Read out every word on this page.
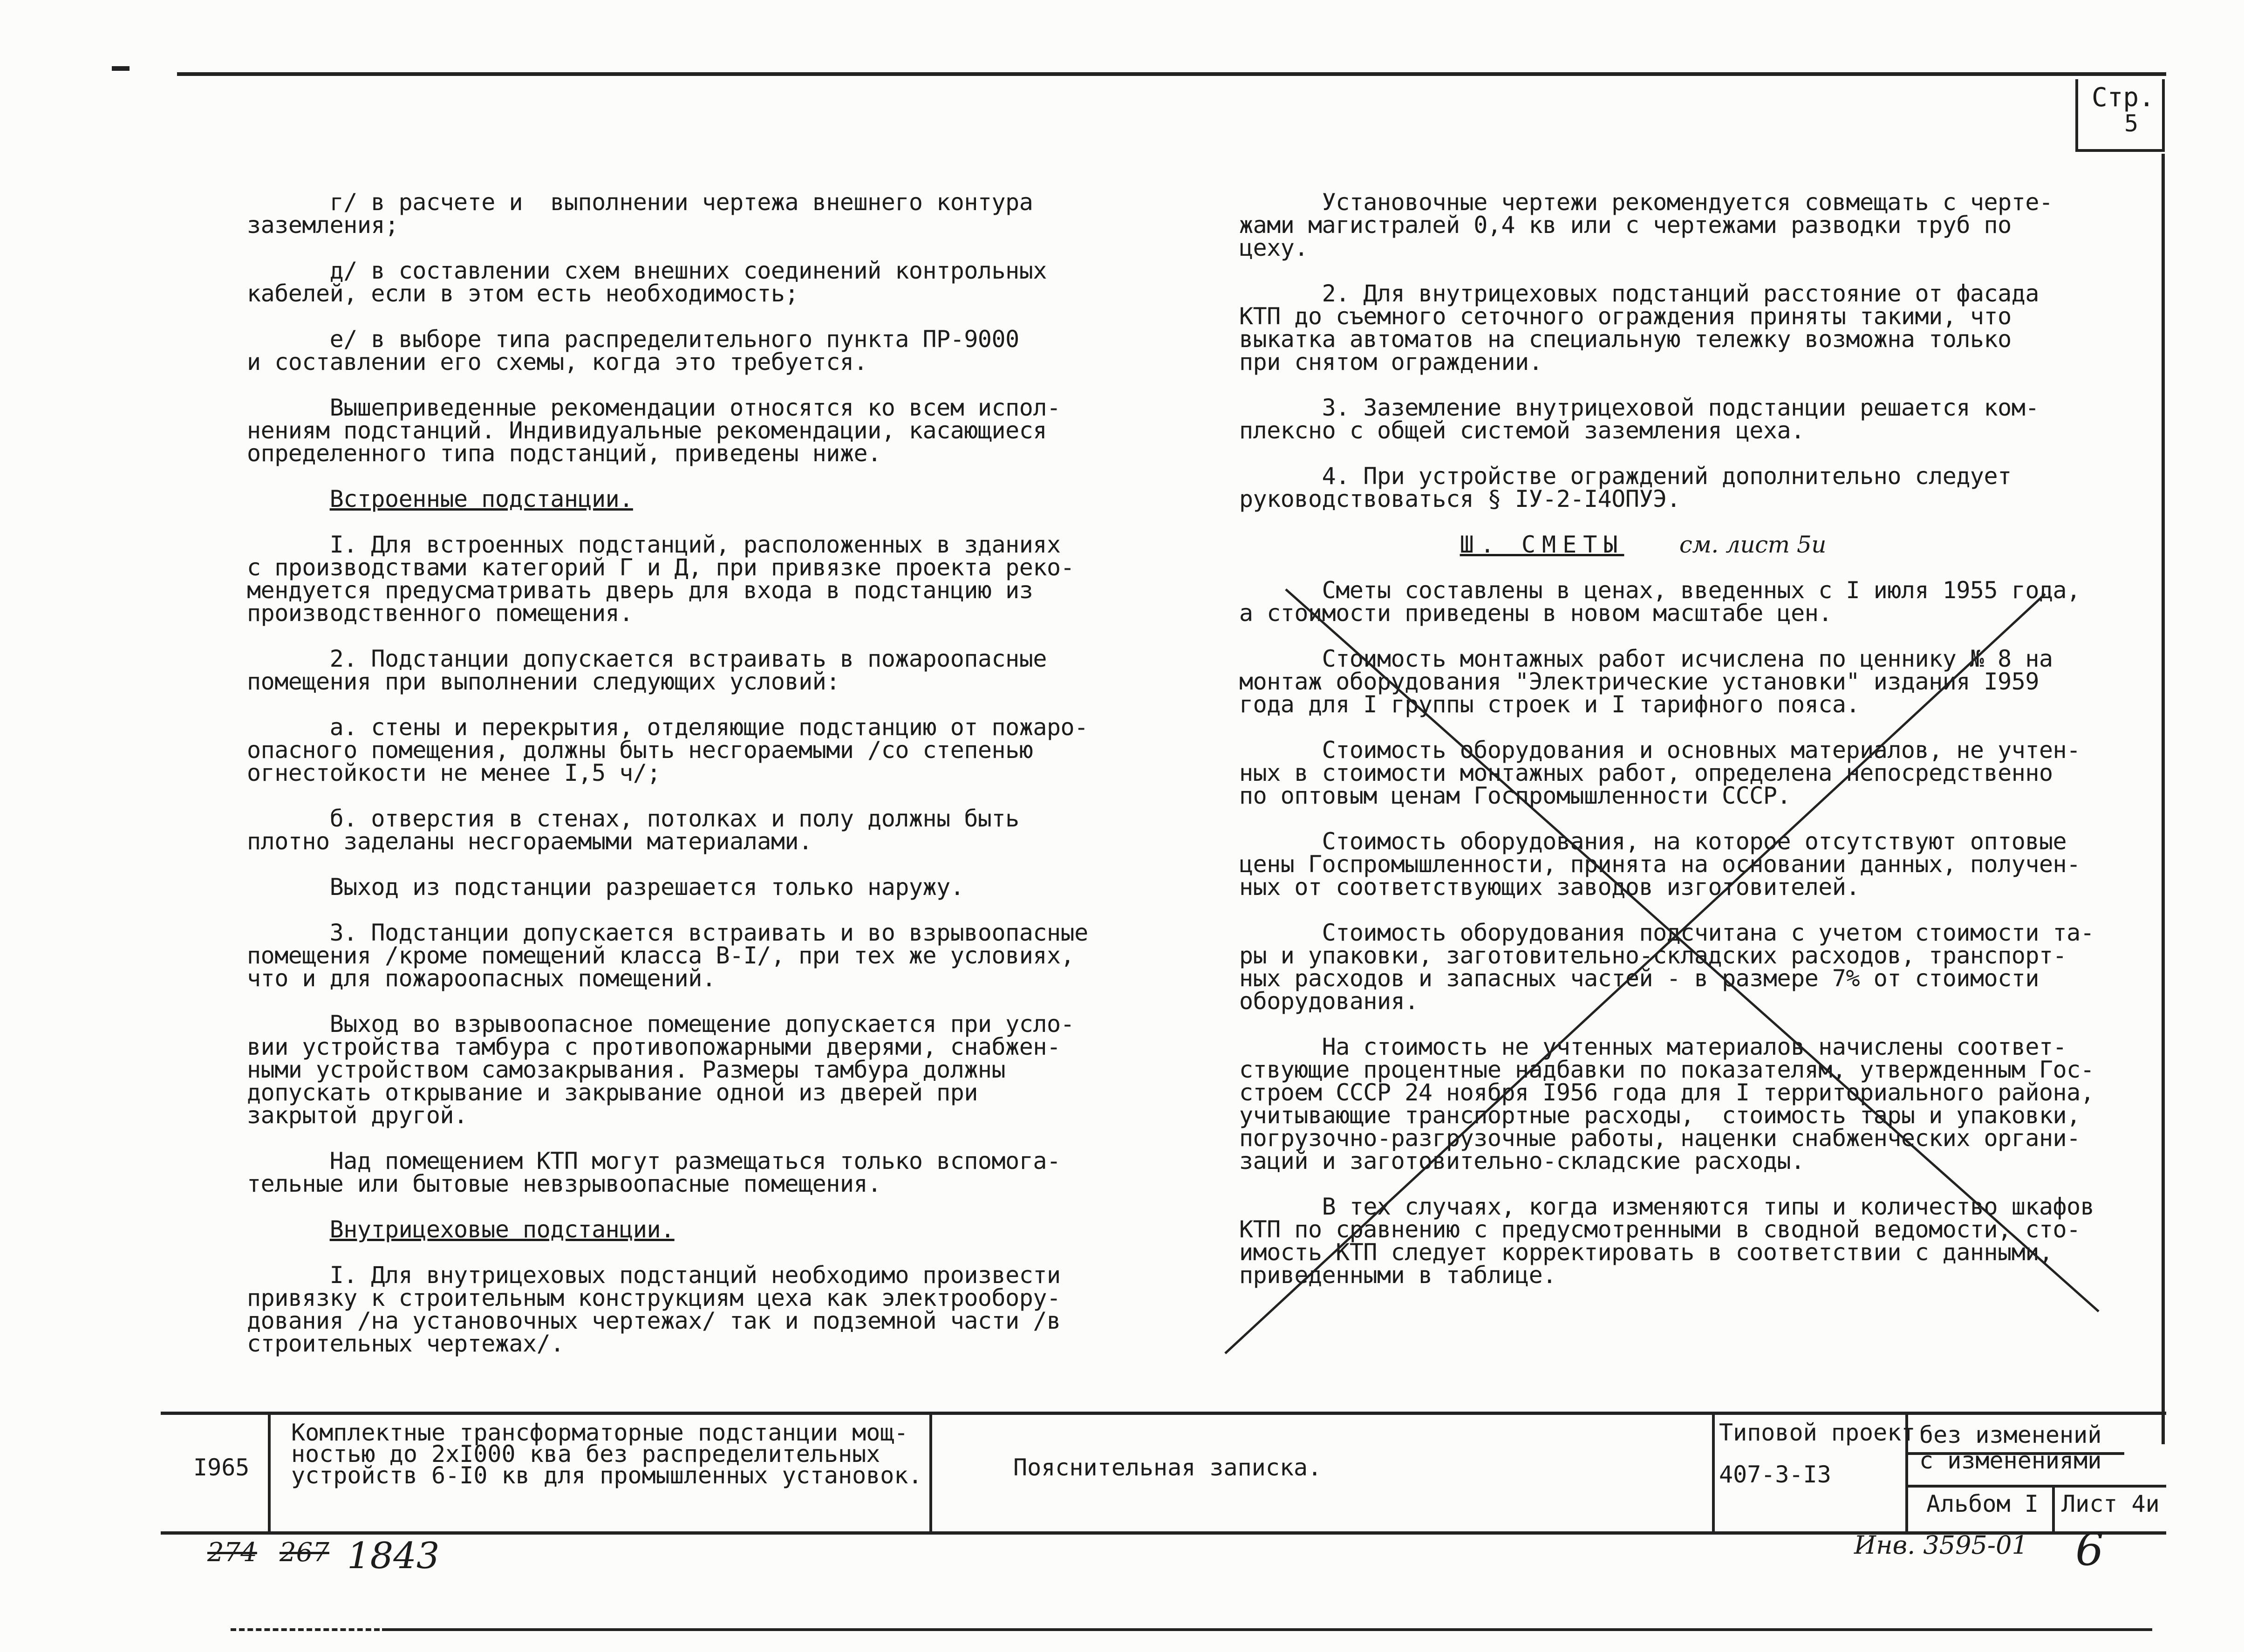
Стр.
5

г/ в расчете и  выполнении чертежа внешнего контура
заземления;

д/ в составлении схем внешних соединений контрольных
кабелей, если в этом есть необходимость;

е/ в выборе типа распределительного пункта ПР-9000
и составлении его схемы, когда это требуется.

Вышеприведенные рекомендации относятся ко всем испол-
нениям подстанций. Индивидуальные рекомендации, касающиеся
определенного типа подстанций, приведены ниже.

Встроенные подстанции.

I. Для встроенных подстанций, расположенных в зданиях
с производствами категорий Г и Д, при привязке проекта реко-
мендуется предусматривать дверь для входа в подстанцию из
производственного помещения.

2. Подстанции допускается встраивать в пожароопасные
помещения при выполнении следующих условий:

а. стены и перекрытия, отделяющие подстанцию от пожаро-
опасного помещения, должны быть несгораемыми /со степенью
огнестойкости не менее I,5 ч/;

б. отверстия в стенах, потолках и полу должны быть
плотно заделаны несгораемыми материалами.

Выход из подстанции разрешается только наружу.

3. Подстанции допускается встраивать и во взрывоопасные
помещения /кроме помещений класса В-I/, при тех же условиях,
что и для пожароопасных помещений.

Выход во взрывоопасное помещение допускается при усло-
вии устройства тамбура с противопожарными дверями, снабжен-
ными устройством самозакрывания. Размеры тамбура должны
допускать открывание и закрывание одной из дверей при
закрытой другой.

Над помещением КТП могут размещаться только вспомога-
тельные или бытовые невзрывоопасные помещения.

Внутрицеховые подстанции.

I. Для внутрицеховых подстанций необходимо произвести
привязку к строительным конструкциям цеха как электрообору-
дования /на установочных чертежах/ так и подземной части /в
строительных чертежах/.

Установочные чертежи рекомендуется совмещать с черте-
жами магистралей 0,4 кв или с чертежами разводки труб по
цеху.

2. Для внутрицеховых подстанций расстояние от фасада
КТП до съемного сеточного ограждения приняты такими, что
выкатка автоматов на специальную тележку возможна только
при снятом ограждении.

3. Заземление внутрицеховой подстанции решается ком-
плексно с общей системой заземления цеха.

4. При устройстве ограждений дополнительно следует
руководствоваться § IУ-2-I4ОПУЭ.

Ш. СМЕТЫ см. лист 5и

Сметы составлены в ценах, введенных с I июля 1955 года,
а стоимости приведены в новом масштабе цен.

Стоимость монтажных работ исчислена по ценнику № 8 на
монтаж оборудования "Электрические установки" издания I959
года для I группы строек и I тарифного пояса.

Стоимость оборудования и основных материалов, не учтен-
ных в стоимости монтажных работ, определена непосредственно
по оптовым ценам Госпромышленности СССР.

Стоимость оборудования, на которое отсутствуют оптовые
цены Госпромышленности, принята на основании данных, получен-
ных от соответствующих заводов изготовителей.

Стоимость оборудования подсчитана с учетом стоимости та-
ры и упаковки, заготовительно-складских расходов, транспорт-
ных расходов и запасных частей - в размере 7% от стоимости
оборудования.

На стоимость не учтенных материалов начислены соответ-
ствующие процентные надбавки по показателям, утвержденным Гос-
строем СССР 24 ноября I956 года для I территориального района,
учитывающие транспортные расходы,  стоимость тары и упаковки,
погрузочно-разгрузочные работы, наценки снабженческих органи-
заций и заготовительно-складские расходы.

В тех случаях, когда изменяются типы и количество шкафов
КТП по сравнению с предусмотренными в сводной ведомости, сто-
имость КТП следует корректировать в соответствии с данными,
приведенными в таблице.

I965
Комплектные трансформаторные подстанции мощ-
ностью до 2хI000 ква без распределительных
устройств 6-I0 кв для промышленных установок.	Пояснительная записка.
Типовой проект
407-3-I3
без изменений
с изменениями
Альбом I Лист 4и
274 267 1843	Инв. 3595-01 6
